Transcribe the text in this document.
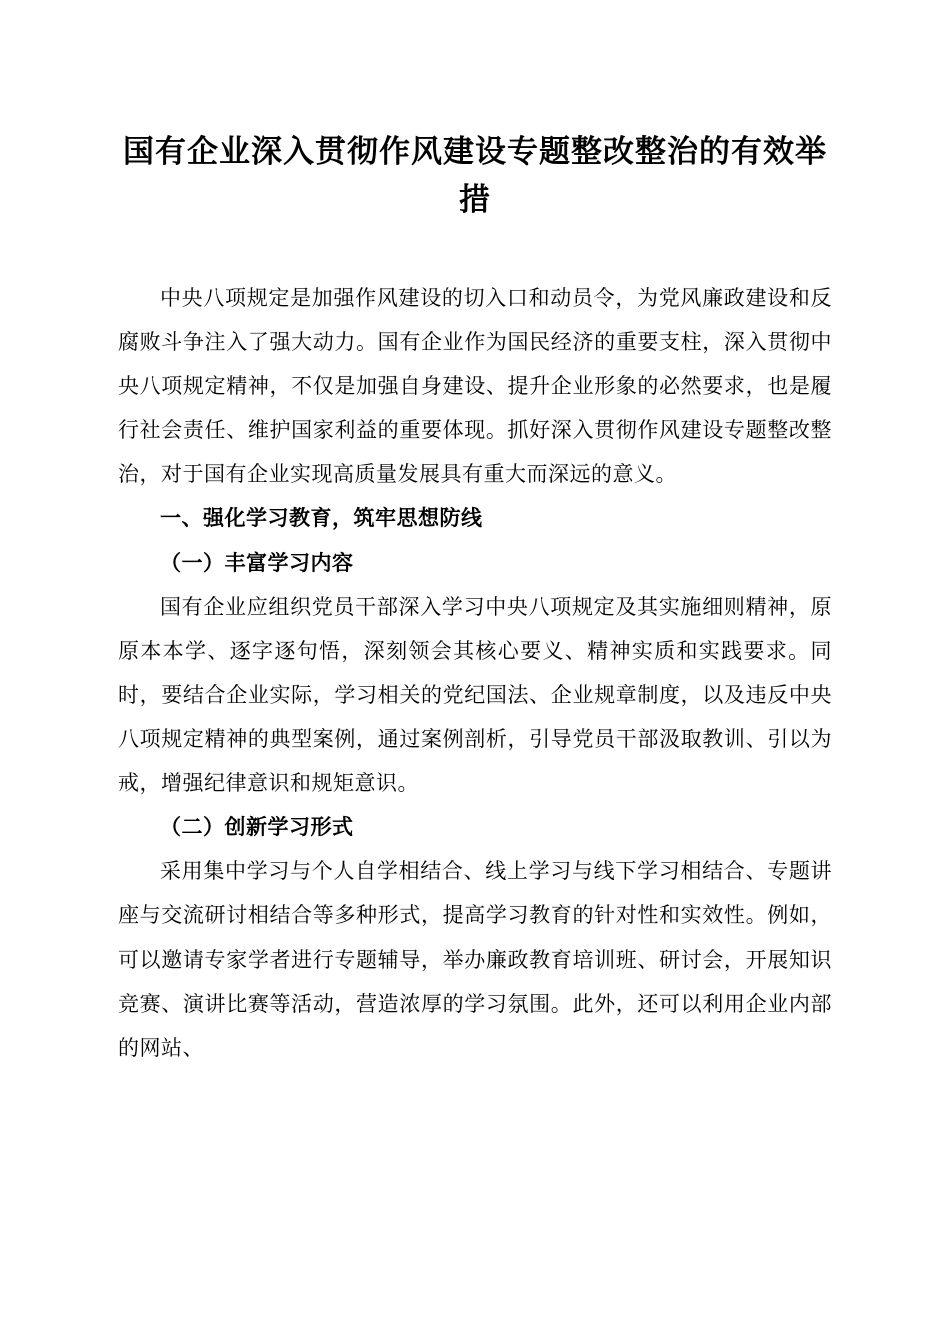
国有企业深入贯彻作风建设专题整改整治的有效举措

中央八项规定是加强作风建设的切入口和动员令，为党风廉政建设和反腐败斗争注入了强大动力。国有企业作为国民经济的重要支柱，深入贯彻中央八项规定精神，不仅是加强自身建设、提升企业形象的必然要求，也是履行社会责任、维护国家利益的重要体现。抓好深入贯彻作风建设专题整改整治，对于国有企业实现高质量发展具有重大而深远的意义。

一、强化学习教育，筑牢思想防线

（一）丰富学习内容

国有企业应组织党员干部深入学习中央八项规定及其实施细则精神，原原本本学、逐字逐句悟，深刻领会其核心要义、精神实质和实践要求。同时，要结合企业实际，学习相关的党纪国法、企业规章制度，以及违反中央八项规定精神的典型案例，通过案例剖析，引导党员干部汲取教训、引以为戒，增强纪律意识和规矩意识。

（二）创新学习形式

采用集中学习与个人自学相结合、线上学习与线下学习相结合、专题讲座与交流研讨相结合等多种形式，提高学习教育的针对性和实效性。例如，可以邀请专家学者进行专题辅导，举办廉政教育培训班、研讨会，开展知识竞赛、演讲比赛等活动，营造浓厚的学习氛围。此外，还可以利用企业内部的网站、
